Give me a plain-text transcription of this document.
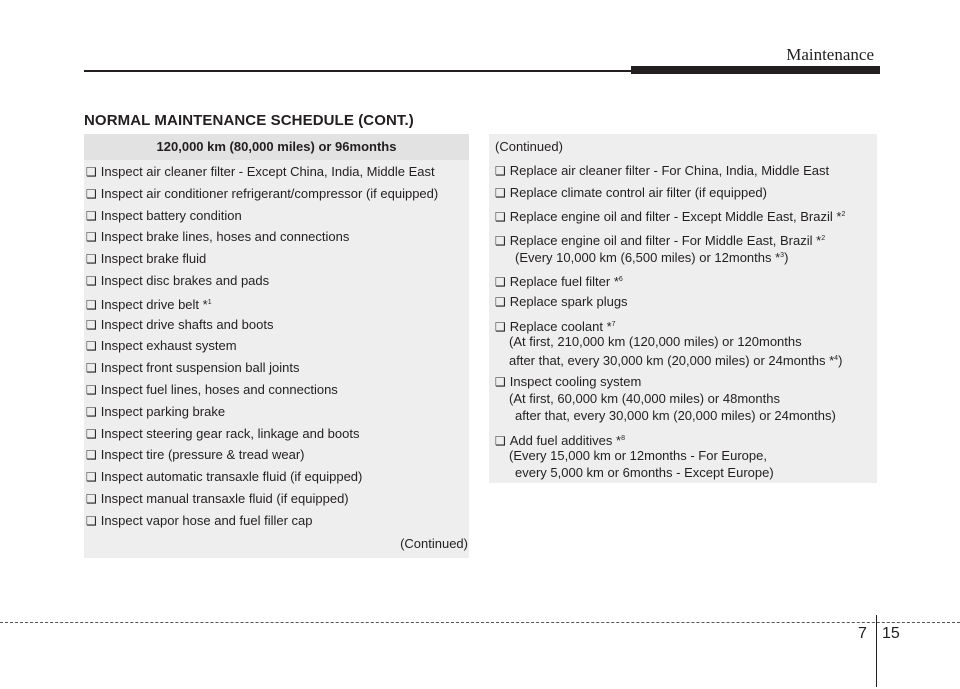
Maintenance
NORMAL MAINTENANCE SCHEDULE (CONT.)
120,000 km (80,000 miles) or 96months
❑ Inspect air cleaner filter - Except China, India, Middle East
❑ Inspect air conditioner refrigerant/compressor (if equipped)
❑ Inspect battery condition
❑ Inspect brake lines, hoses and connections
❑ Inspect brake fluid
❑ Inspect disc brakes and pads
❑ Inspect drive belt *$^1$
❑ Inspect drive shafts and boots
❑ Inspect exhaust system
❑ Inspect front suspension ball joints
❑ Inspect fuel lines, hoses and connections
❑ Inspect parking brake
❑ Inspect steering gear rack, linkage and boots
❑ Inspect tire (pressure & tread wear)
❑ Inspect automatic transaxle fluid (if equipped)
❑ Inspect manual transaxle fluid (if equipped)
❑ Inspect vapor hose and fuel filler cap
(Continued)
(Continued)
❑ Replace air cleaner filter - For China, India, Middle East
❑ Replace climate control air filter (if equipped)
❑ Replace engine oil and filter - Except Middle East, Brazil *$^2$
❑ Replace engine oil and filter - For Middle East, Brazil *$^2$
(Every 10,000 km (6,500 miles) or 12months *$^3$)
❑ Replace fuel filter *$^6$
❑ Replace spark plugs
❑ Replace coolant *$^7$
(At first, 210,000 km (120,000 miles) or 120months
after that, every 30,000 km (20,000 miles) or 24months *$^4$)
❑ Inspect cooling system
(At first, 60,000 km (40,000 miles) or 48months
after that, every 30,000 km (20,000 miles) or 24months)
❑ Add fuel additives *$^8$
(Every 15,000 km or 12months - For Europe,
every 5,000 km or 6months - Except Europe)
7 15
